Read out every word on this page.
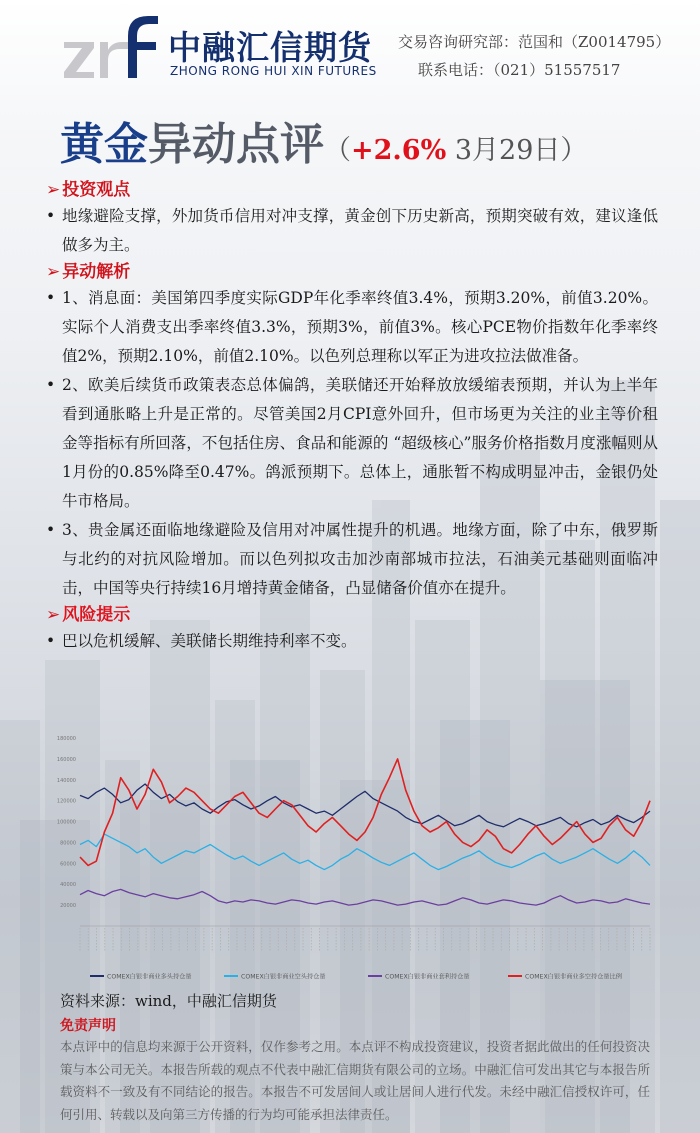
中融汇信期货
ZHONG RONG HUI XIN FUTURES
交易咨询研究部：范国和（Z0014795）
联系电话：（021）51557517
黄金异动点评（+2.6% 3月29日）
➢ 投资观点
• 地缘避险支撑，外加货币信用对冲支撑，黄金创下历史新高，预期突破有效，建议逢低做多为主。
➢ 异动解析
• 1、消息面：美国第四季度实际GDP年化季率终值3.4%，预期3.20%，前值3.20%。实际个人消费支出季率终值3.3%，预期3%，前值3%。核心PCE物价指数年化季率终值2%，预期2.10%，前值2.10%。以色列总理称以军正为进攻拉法做准备。
• 2、欧美后续货币政策表态总体偏鸽，美联储还开始释放放缓缩表预期，并认为上半年看到通胀略上升是正常的。尽管美国2月CPI意外回升，但市场更为关注的业主等价租金等指标有所回落，不包括住房、食品和能源的 “超级核心”服务价格指数月度涨幅则从1月份的0.85%降至0.47%。鸽派预期下。总体上，通胀暂不构成明显冲击，金银仍处牛市格局。
• 3、贵金属还面临地缘避险及信用对冲属性提升的机遇。地缘方面，除了中东，俄罗斯与北约的对抗风险增加。而以色列拟攻击加沙南部城市拉法，石油美元基础则面临冲击，中国等央行持续16月增持黄金储备，凸显储备价值亦在提升。
➢ 风险提示
• 巴以危机缓解、美联储长期维持利率不变。
180000
160000
140000
120000
100000
80000
60000
40000
20000
COMEX白银非商业多头持仓量	COMEX白银非商业空头持仓量	COMEX白银非商业套利持仓量	COMEX白银非商业多空持仓量比例
资料来源：wind，中融汇信期货
免责声明
本点评中的信息均来源于公开资料，仅作参考之用。本点评不构成投资建议，投资者据此做出的任何投资决策与本公司无关。本报告所载的观点不代表中融汇信期货有限公司的立场。中融汇信可发出其它与本报告所载资料不一致及有不同结论的报告。本报告不可发居间人或让居间人进行代发。未经中融汇信授权许可，任何引用、转载以及向第三方传播的行为均可能承担法律责任。
